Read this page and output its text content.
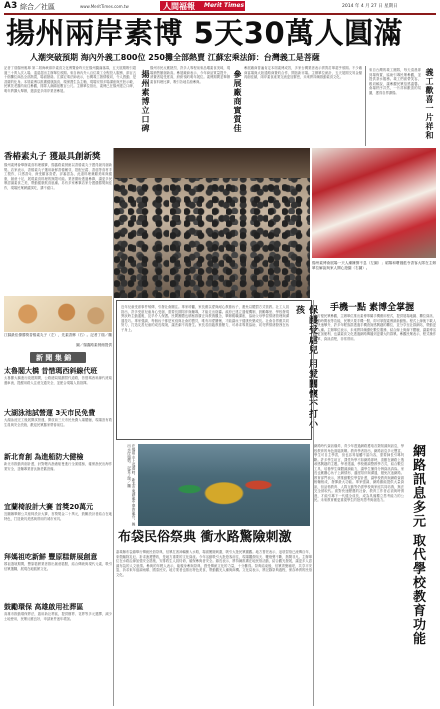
A3 綜合／社區	www.MeritTimes.com.tw	人間福報 Merit Times	2014 年 4 月 27 日 星期日
揚州兩岸素博 5天30萬人圓滿
人潮突破預期 海內外義工800位 250攤全部熱賣 江蘇宏乘法師：台灣義工是菩薩
記者丁瑞揚州報導 第二屆海峽兩岸素食文化博覽會昨天在揚州圓滿落幕，五天展期吸引超過三十萬人次入場，遠遠超出主辦單位預期。來自海內外八百位義工全程投入服務，兩百五十個攤位商品全部熱賣，場面熱絡。江蘇宏乘法師表示，台灣義工熱情親切，令人感動，是菩薩的化身。本屆素博以推廣健康蔬食、環保護生為主軸，現場安排多場講座與烹飪示範，民眾扶老攜幼前往參觀，排隊人潮綿延數百公尺。主辦單位指出，素博已在揚州建立口碑，明年將擴大舉辦，邀請更多兩岸業者參展。	揚州素博立口碑
揚州市民反應熱烈，許多人專程前來品嚐素食美味，現場銷售額創新高。參展廠商表示，今年商品質量提升，消費者接受度高，紛紛預約明年展位。素博期間並舉辦素食料理比賽，吸引各地名廚參與。	參展廠商實質佳
參展廠商普遍肯定本屆素博成效，多家台灣業者表示實質訂單超乎預期。不少廠商當場與大陸通路商簽約合作，開拓新市場。主辦單位統計，五天展期交易金額再創佳績，兩岸素食產業交流更加緊密，未來將持續推動素食文化。	義工歡喜一片祥和
來自台灣的義工團隊，每天清晨即到場佈置，協助引導民眾參觀，並提供茶水服務。義工們面帶笑容，親切解說，讓參觀民眾倍感溫馨。會場秩序井然，一片祥和歡喜的氛圍，獲得各界讚揚。
揚州素博會展場一天人潮擁擠不息（左圖）；昭陽和瓊伽藍寺香客大隊在主辦單位解說與家人開心遊園（右圖）。
香椿素丸子 獲最具創新獎
揚州素博會舉辦素食料理競賽，揚鑫路素餐館以香椿素丸子獲得最具創新獎。店家表示，香椿素丸子選用新鮮香椿嫩芽，搭配豆腐、香菇等食材手工製作，口感香Q，深受顧客喜愛。評審認為，此道料理兼顧美味與健康，創意十足，展現素食料理的無限可能。業者期盼透過參賽，讓更多民眾認識素食之美，帶動健康飲食風潮。另有多家參賽店家分獲優勝獎與佳作，現場民眾踴躍試吃，讚不絕口。
江蘇最佳優勝獎香椿素丸子（左），先素香鄉（右）。記者丁瑞／攝
圖／揚鑫路素餐館提供
新 聞 集 錦
太魯閣大橋 昔惜瑪西斜線代班
太魯閣大橋進行改建期間，公路總局規劃替代道路，昔惜瑪西斜線代班疏運車流，提醒用路人注意交通安全，並配合現場人員指揮。
大湖泳池試營運 3天市民免費
大湖泳池完工後展開試營運，開放前三天市民免費入場體驗，現場設有救生員與安全設施，歡迎民眾攜家帶眷前往。
新北育創 為進船防大健檢
新北市推動育創計畫，針對轄內漁港船隻進行全面健檢，確保漁民出海作業安全，並輔導業者汰換老舊設備。
宜蘭椅設計大賽 首獎20萬元
宜蘭縣舉辦公共座椅設計大賽，首獎獎金二十萬元，鼓勵設計者結合在地特色，打造兼具美感與實用的城市家具。
拜媽祖吃新鮮 豐原糕餅展創意
媽祖遶境期間，豐原糕餅業者推出創意糕點，結合傳統與現代元素，吸引信眾選購，展現在地糕餅文化。
鼓勵環保 高雄啟用社葬區
高雄市推動環保葬法，啟用新社葬區，提供樹葬、花葬等多元選擇，減少土地使用，民眾反應良好，申請案件逐年增加。
保護受虐兒 用愛關懷不打小孩
近年兒童受虐事件頻傳，引發社會關注。專家呼籲，家長應以愛與耐心教養孩子，避免以體罰方式管教。社工人員指出，許多受虐兒童身心受創，需要長期陪伴與輔導，才能走出陰霾。政府已建立通報機制，鼓勵鄰里、學校發現異狀時主動通報，及早介入保護。民間團體也積極推廣正向教養觀念，舉辦親職講座，協助父母學習情緒管理與溝通技巧。專家強調，每個孩子都是家庭與社會的寶貝，唯有用愛關懷，才能讓孩子健康快樂成長。社會各界應共同努力，打造友善兒童的成長環境，讓悲劇不再發生。家長若面臨教養壓力，可尋求專業協助，切勿將情緒發洩在孩子身上。
手機一點 素博全掌握
為方便民眾參觀，主辦單位推出素博專屬手機應用程式，提供展場地圖、攤位資訊、活動時間表等功能，民眾只要手機一點，即可掌握素博最新動態。程式上線後下載人次快速攀升，許多年輕族群透過手機查詢感興趣的攤位，並分享至社群網站，帶動更多人潮。主辦單位表示，未來將持續優化數位服務，結合線上與線下體驗，讓素博活動更加便利，也讓素食文化透過網路傳播到更廣大的群眾。參觀民眾表示，程式操作簡單，資訊清楚，非常實用。
在揚州水上巡遊時，新北市東湖龍中華的龍舟，舞出水岸風情。記者丁瑞／攝
布袋民俗祭典 衝水路驚險刺激
嘉義縣布袋鎮舉行傳統民俗祭典，信眾扛著神轎衝入水路，場面驚險刺激，吸引大批民眾圍觀。地方耆老表示，這項習俗已流傳百年，象徵驅除災厄、祈求漁獲豐收，是地方重要的文化資產。今年活動吸引大批遊客前往，現場鑼鼓喧天、鞭炮聲不斷，熱鬧非凡。主辦單位在水路沿線加強安全措施，安排救生人員待命，確保參與者安全。鎮長表示，將持續推廣在地民俗活動，結合觀光發展，讓更多人認識布袋的人文風情。參與的年輕人表示，能親身參與祭典，感受傳統文化的力量，十分難得。祭典結束後，信眾齊聚廟埕，共享平安宴，祈求來年風調雨順、國泰民安。地方業者也推出特色美食，帶動觀光人潮與商機。文化局表示，將記錄祭典過程，保存珍貴的民俗文化。	網路訊息多元 取代學校教育功能
網路時代資訊爆炸，青少年透過網路獲取各類知識與訊息，學校教育的角色面臨挑戰。教育學者指出，網路訊息多元豐富，學生可自主學習，但也容易接觸不當內容，需要師長引導判斷。許多學生坦言，課堂所學不如網路即時，喜歡在網路上搜尋感興趣的主題。學者建議，學校應調整教學方式，結合數位工具，培養學生媒體識讀能力，讓學生懂得分辨資訊真偽。家長也應關心孩子上網情形，適度陪伴與溝通，避免沉迷網路。教育部門表示，將推動數位學習計畫，讓學校教育與網路資源相輔相成，發揮最大功能。專家強調，網路雖能提供大量資訊，但品格教育、人際互動等仍需學校與家庭共同培養，無法完全被取代。面對快速變遷的社會，教育工作者必須與時俱進，才能引導下一代健全成長，成為具備獨立思考能力的公民。未來教育應更重視學生的批判思考與創造力。
